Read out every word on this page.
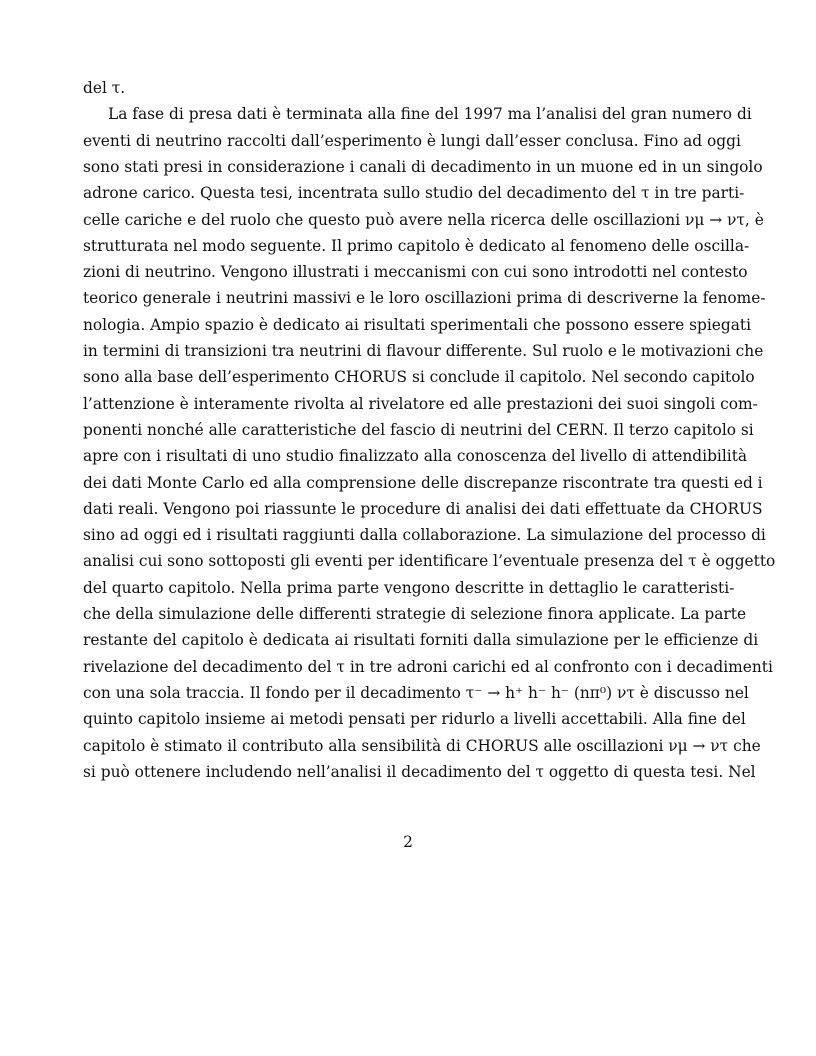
del τ.

La fase di presa dati è terminata alla fine del 1997 ma l’analisi del gran numero di

eventi di neutrino raccolti dall’esperimento è lungi dall’esser conclusa. Fino ad oggi

sono stati presi in considerazione i canali di decadimento in un muone ed in un singolo

adrone carico. Questa tesi, incentrata sullo studio del decadimento del τ in tre parti-

celle cariche e del ruolo che questo può avere nella ricerca delle oscillazioni νμ → ντ, è

strutturata nel modo seguente. Il primo capitolo è dedicato al fenomeno delle oscilla-

zioni di neutrino. Vengono illustrati i meccanismi con cui sono introdotti nel contesto

teorico generale i neutrini massivi e le loro oscillazioni prima di descriverne la fenome-

nologia. Ampio spazio è dedicato ai risultati sperimentali che possono essere spiegati

in termini di transizioni tra neutrini di flavour differente. Sul ruolo e le motivazioni che

sono alla base dell’esperimento CHORUS si conclude il capitolo. Nel secondo capitolo

l’attenzione è interamente rivolta al rivelatore ed alle prestazioni dei suoi singoli com-

ponenti nonché alle caratteristiche del fascio di neutrini del CERN. Il terzo capitolo si

apre con i risultati di uno studio finalizzato alla conoscenza del livello di attendibilità

dei dati Monte Carlo ed alla comprensione delle discrepanze riscontrate tra questi ed i

dati reali. Vengono poi riassunte le procedure di analisi dei dati effettuate da CHORUS

sino ad oggi ed i risultati raggiunti dalla collaborazione. La simulazione del processo di

analisi cui sono sottoposti gli eventi per identificare l’eventuale presenza del τ è oggetto

del quarto capitolo. Nella prima parte vengono descritte in dettaglio le caratteristi-

che della simulazione delle differenti strategie di selezione finora applicate. La parte

restante del capitolo è dedicata ai risultati forniti dalla simulazione per le efficienze di

rivelazione del decadimento del τ in tre adroni carichi ed al confronto con i decadimenti

con una sola traccia. Il fondo per il decadimento τ⁻ → h⁺ h⁻ h⁻ (nπ⁰) ντ è discusso nel

quinto capitolo insieme ai metodi pensati per ridurlo a livelli accettabili. Alla fine del

capitolo è stimato il contributo alla sensibilità di CHORUS alle oscillazioni νμ → ντ che

si può ottenere includendo nell’analisi il decadimento del τ oggetto di questa tesi. Nel

2
